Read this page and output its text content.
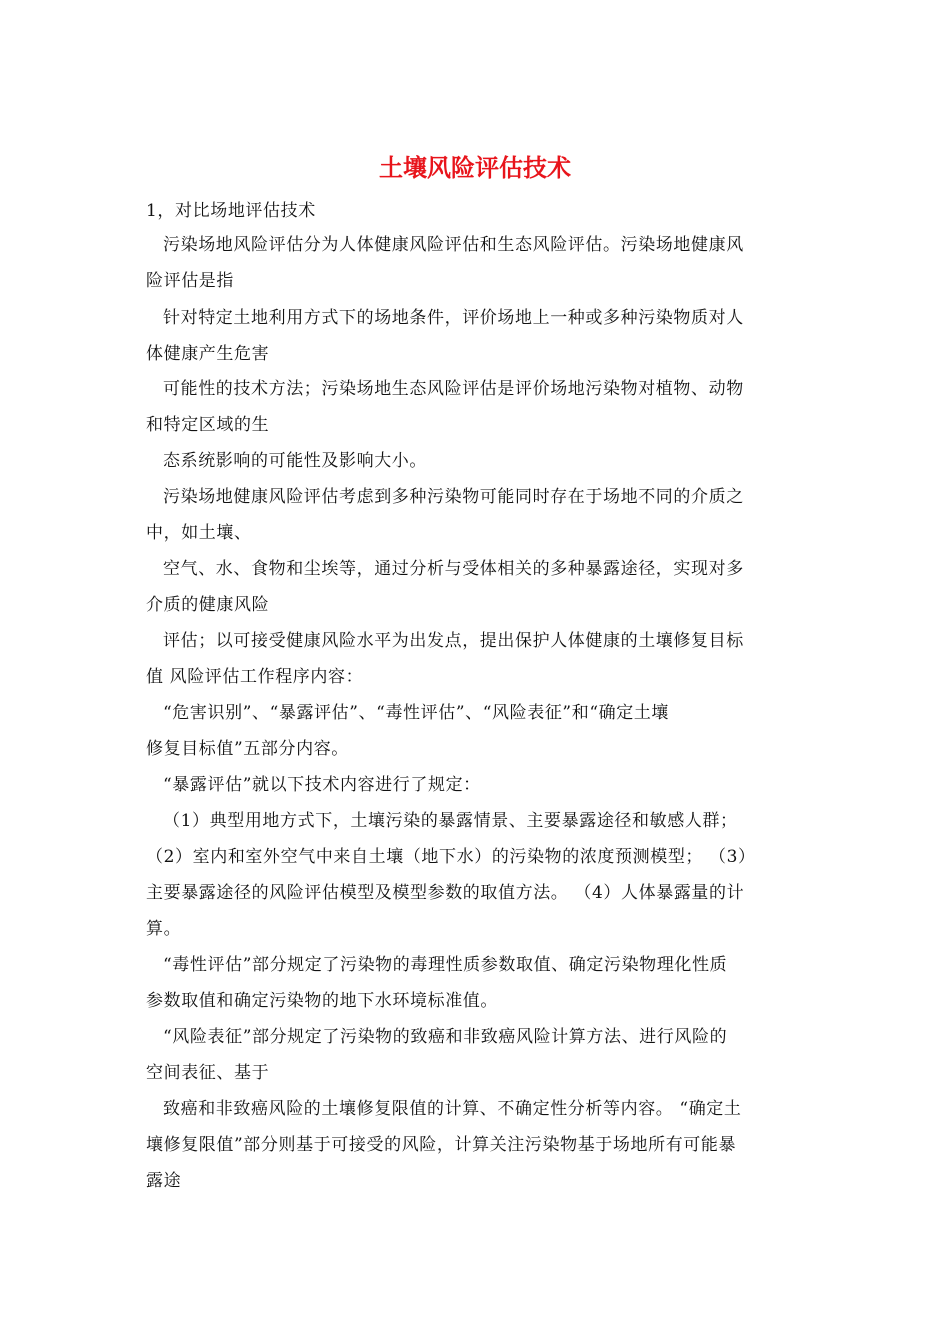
土壤风险评估技术
1，对比场地评估技术
污染场地风险评估分为人体健康风险评估和生态风险评估。污染场地健康风
险评估是指
针对特定土地利用方式下的场地条件，评价场地上一种或多种污染物质对人
体健康产生危害
可能性的技术方法；污染场地生态风险评估是评价场地污染物对植物、动物
和特定区域的生
态系统影响的可能性及影响大小。
污染场地健康风险评估考虑到多种污染物可能同时存在于场地不同的介质之
中，如土壤、
空气、水、食物和尘埃等，通过分析与受体相关的多种暴露途径，实现对多
介质的健康风险
评估；以可接受健康风险水平为出发点，提出保护人体健康的土壤修复目标
值 风险评估工作程序内容：
“危害识别”、“暴露评估”、“毒性评估”、“风险表征”和“确定土壤
修复目标值”五部分内容。
“暴露评估”就以下技术内容进行了规定：
（1）典型用地方式下，土壤污染的暴露情景、主要暴露途径和敏感人群；
（2）室内和室外空气中来自土壤（地下水）的污染物的浓度预测模型； （3）
主要暴露途径的风险评估模型及模型参数的取值方法。 （4）人体暴露量的计
算。
“毒性评估”部分规定了污染物的毒理性质参数取值、确定污染物理化性质
参数取值和确定污染物的地下水环境标准值。
“风险表征”部分规定了污染物的致癌和非致癌风险计算方法、进行风险的
空间表征、基于
致癌和非致癌风险的土壤修复限值的计算、不确定性分析等内容。 “确定土
壤修复限值”部分则基于可接受的风险，计算关注污染物基于场地所有可能暴
露途
